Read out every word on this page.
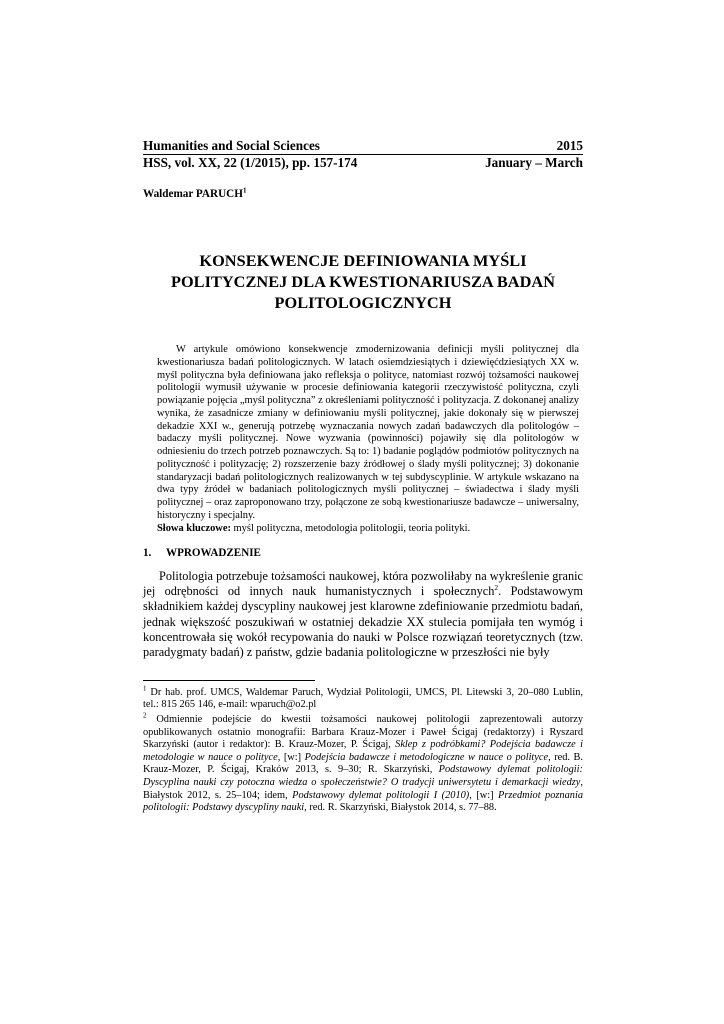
Humanities and Social Sciences	2015
HSS, vol. XX, 22 (1/2015), pp. 157-174	January – March
Waldemar PARUCH$^1$
KONSEKWENCJE DEFINIOWANIA MYŚLI
POLITYCZNEJ DLA KWESTIONARIUSZA BADAŃ
POLITOLOGICZNYCH

W artykule omówiono konsekwencje zmodernizowania definicji myśli politycznej dla kwestionariusza badań politologicznych. W latach osiemdziesiątych i dziewięćdziesiątych XX w. myśl polityczna była definiowana jako refleksja o polityce, natomiast rozwój tożsamości naukowej politologii wymusił używanie w procesie definiowania kategorii rzeczywistość polityczna, czyli powiązanie pojęcia „myśl polityczna” z określeniami polityczność i polityzacja. Z dokonanej analizy wynika, że zasadnicze zmiany w definiowaniu myśli politycznej, jakie dokonały się w pierwszej dekadzie XXI w., generują potrzebę wyznaczania nowych zadań badawczych dla politologów – badaczy myśli politycznej. Nowe wyzwania (powinności) pojawiły się dla politologów w odniesieniu do trzech potrzeb poznawczych. Są to: 1) badanie poglądów podmiotów politycznych na polityczność i polityzację; 2) rozszerzenie bazy źródłowej o ślady myśli politycznej; 3) dokonanie standaryzacji badań politologicznych realizowanych w tej subdyscyplinie. W artykule wskazano na dwa typy źródeł w badaniach politologicznych myśli politycznej – świadectwa i ślady myśli politycznej – oraz zaproponowano trzy, połączone ze sobą kwestionariusze badawcze – uniwersalny, historyczny i specjalny.

Słowa kluczowe: myśl polityczna, metodologia politologii, teoria polityki.
1.	WPROWADZENIE

Politologia potrzebuje tożsamości naukowej, która pozwoliłaby na wykreślenie granic jej odrębności od innych nauk humanistycznych i społecznych$^2$. Podstawowym składnikiem każdej dyscypliny naukowej jest klarowne zdefiniowanie przedmiotu badań, jednak większość poszukiwań w ostatniej dekadzie XX stulecia pomijała ten wymóg i koncentrowała się wokół recypowania do nauki w Polsce rozwiązań teoretycznych (tzw. paradygmaty badań) z państw, gdzie badania politologiczne w przeszłości nie były

$^1$ Dr hab. prof. UMCS, Waldemar Paruch, Wydział Politologii, UMCS, Pl. Litewski 3, 20–080 Lublin, tel.: 815 265 146, e-mail: wparuch@o2.pl

$^2$ Odmiennie podejście do kwestii tożsamości naukowej politologii zaprezentowali autorzy opublikowanych ostatnio monografii: Barbara Krauz-Mozer i Paweł Ścigaj (redaktorzy) i Ryszard Skarzyński (autor i redaktor): B. Krauz-Mozer, P. Ścigaj, Sklep z podróbkami? Podejścia badawcze i metodologie w nauce o polityce, [w:] Podejścia badawcze i metodologiczne w nauce o polityce, red. B. Krauz-Mozer, P. Ścigaj, Kraków 2013, s. 9–30; R. Skarzyński, Podstawowy dylemat politologii: Dyscyplina nauki czy potoczna wiedza o społeczeństwie? O tradycji uniwersytetu i demarkacji wiedzy, Białystok 2012, s. 25–104; idem, Podstawowy dylemat politologii I (2010), [w:] Przedmiot poznania politologii: Podstawy dyscypliny nauki, red. R. Skarzyński, Białystok 2014, s. 77–88.
